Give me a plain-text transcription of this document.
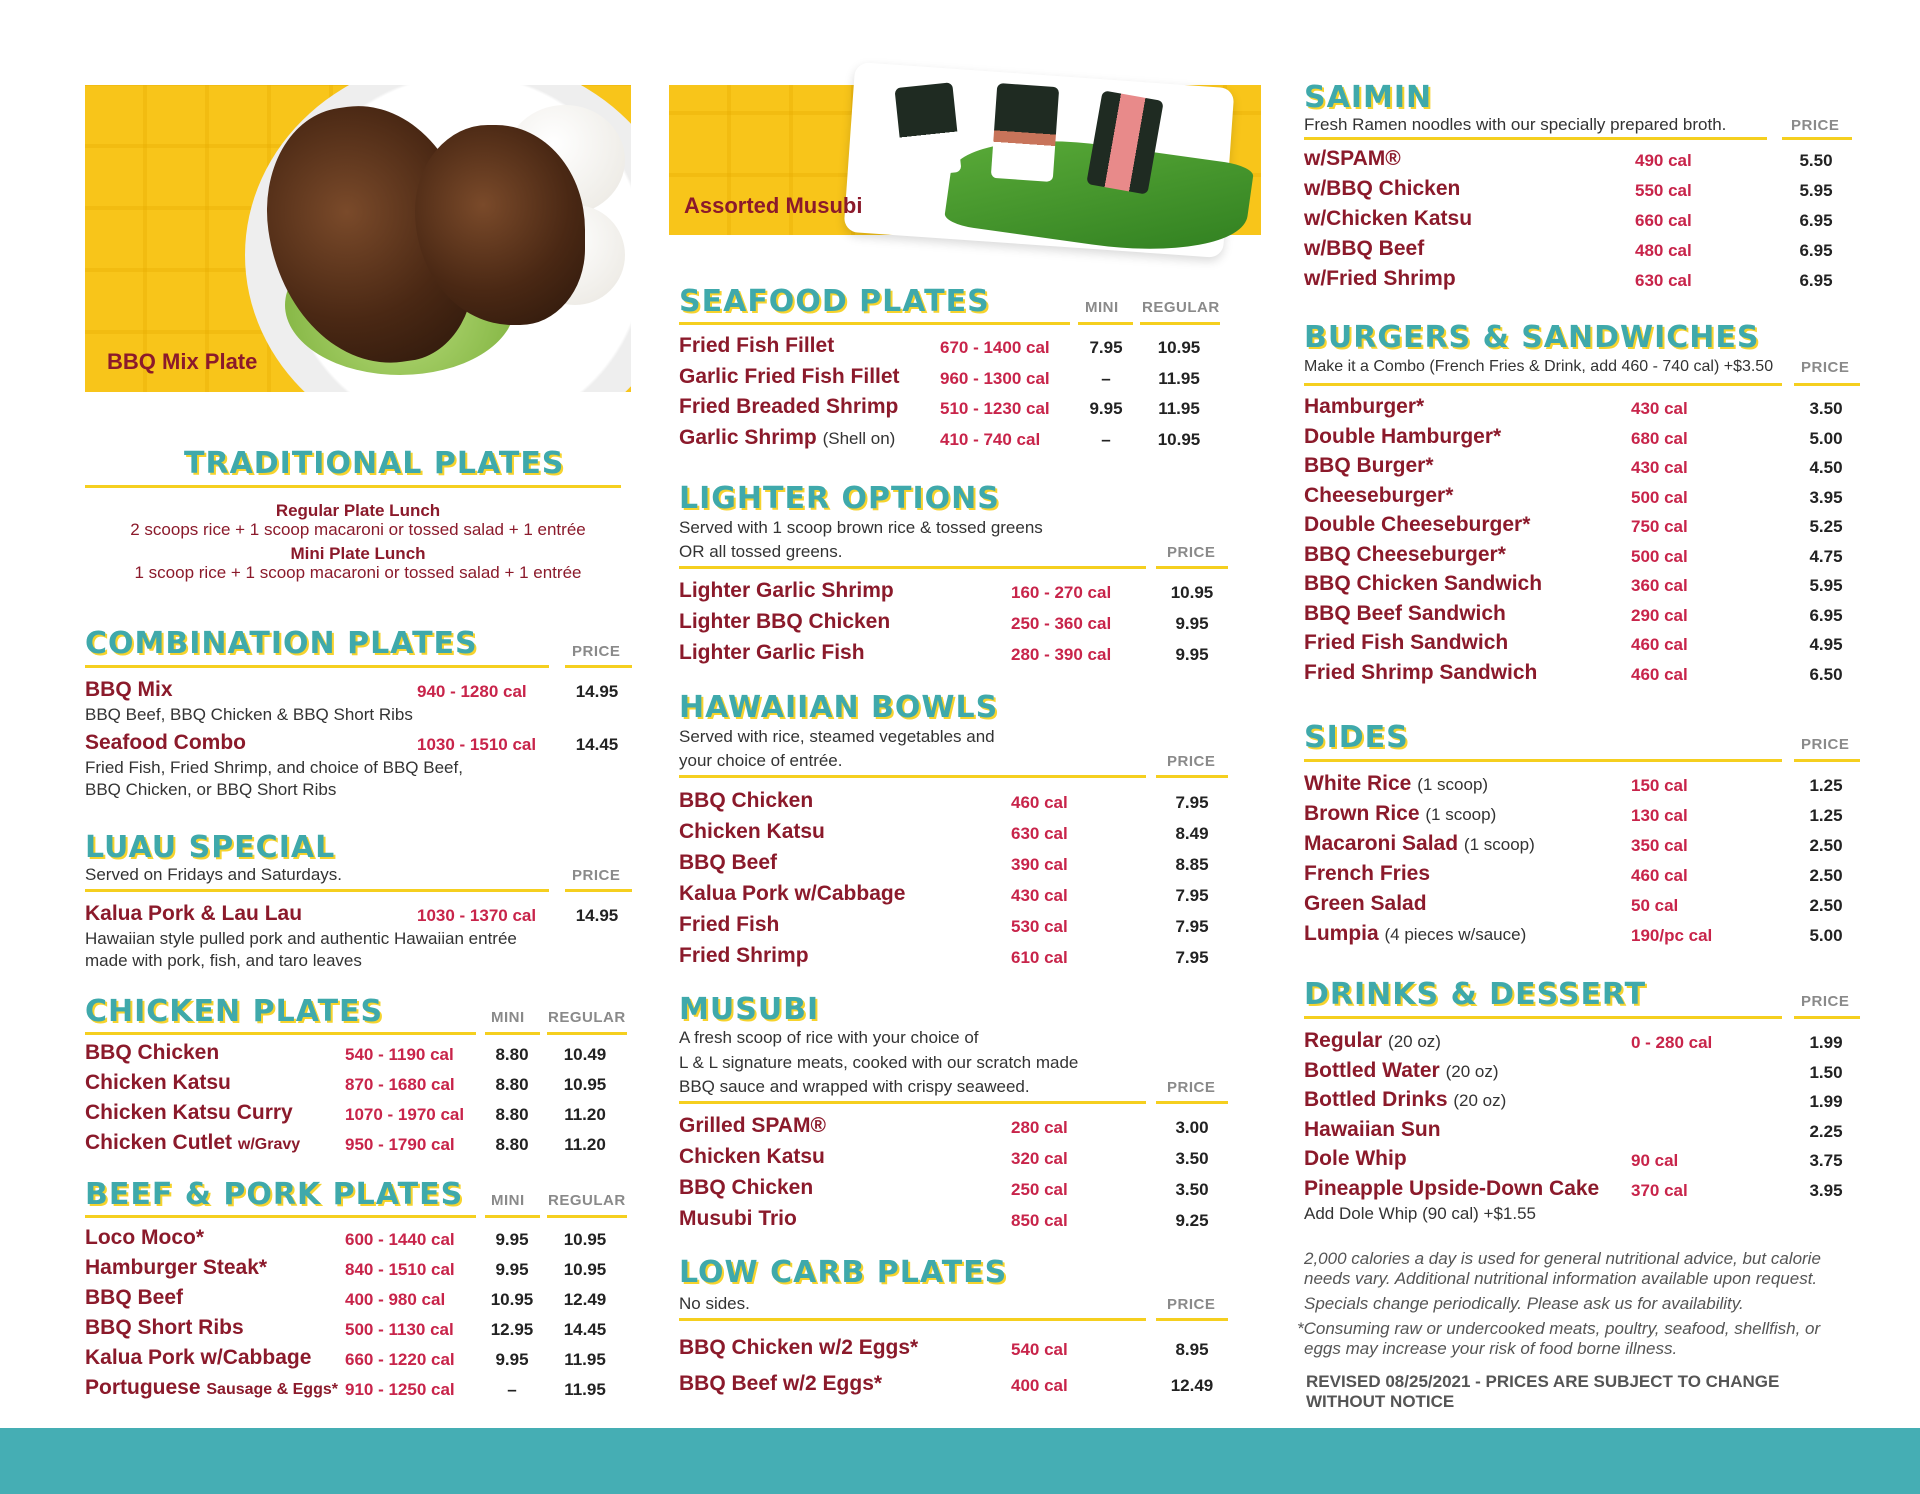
BBQ Mix Plate
TRADITIONAL PLATES
Regular Plate Lunch
2 scoops rice + 1 scoop macaroni or tossed salad + 1 entrée
Mini Plate Lunch
1 scoop rice + 1 scoop macaroni or tossed salad + 1 entrée
COMBINATION PLATES	PRICE
BBQ Mix	940 - 1280 cal	14.95
BBQ Beef, BBQ Chicken & BBQ Short Ribs
Seafood Combo	1030 - 1510 cal	14.45
Fried Fish, Fried Shrimp, and choice of BBQ Beef,
BBQ Chicken, or BBQ Short Ribs
LUAU SPECIAL
Served on Fridays and Saturdays.	PRICE
Kalua Pork & Lau Lau	1030 - 1370 cal	14.95
Hawaiian style pulled pork and authentic Hawaiian entrée
made with pork, fish, and taro leaves
CHICKEN PLATES	MINI REGULAR
BBQ Chicken	540 - 1190 cal	8.80	10.49
Chicken Katsu	870 - 1680 cal	8.80	10.95
Chicken Katsu Curry	1070 - 1970 cal	8.80	11.20
Chicken Cutlet w/Gravy	950 - 1790 cal	8.80	11.20
BEEF & PORK PLATES MINI REGULAR
Loco Moco*	600 - 1440 cal	9.95	10.95
Hamburger Steak*	840 - 1510 cal	9.95	10.95
BBQ Beef	400 - 980 cal	10.95	12.49
BBQ Short Ribs	500 - 1130 cal	12.95	14.45
Kalua Pork w/Cabbage 660 - 1220 cal	9.95	11.95
Portuguese Sausage & Eggs* 910 - 1250 cal	–	11.95
Assorted Musubi
SEAFOOD PLATES	MINI REGULAR
Fried Fish Fillet	670 - 1400 cal	7.95	10.95
Garlic Fried Fish Fillet 960 - 1300 cal	–	11.95
Fried Breaded Shrimp 510 - 1230 cal	9.95	11.95
Garlic Shrimp (Shell on)	410 - 740 cal	–	10.95
LIGHTER OPTIONS
Served with 1 scoop brown rice & tossed greens
OR all tossed greens.	PRICE
Lighter Garlic Shrimp	160 - 270 cal	10.95
Lighter BBQ Chicken	250 - 360 cal	9.95
Lighter Garlic Fish	280 - 390 cal	9.95
HAWAIIAN BOWLS
Served with rice, steamed vegetables and
your choice of entrée.	PRICE
BBQ Chicken	460 cal	7.95
Chicken Katsu	630 cal	8.49
BBQ Beef	390 cal	8.85
Kalua Pork w/Cabbage	430 cal	7.95
Fried Fish	530 cal	7.95
Fried Shrimp	610 cal	7.95
MUSUBI
A fresh scoop of rice with your choice of
L & L signature meats, cooked with our scratch made
BBQ sauce and wrapped with crispy seaweed.	PRICE
Grilled SPAM®	280 cal	3.00
Chicken Katsu	320 cal	3.50
BBQ Chicken	250 cal	3.50
Musubi Trio	850 cal	9.25
LOW CARB PLATES
No sides.	PRICE
BBQ Chicken w/2 Eggs*	540 cal	8.95
BBQ Beef w/2 Eggs*	400 cal	12.49
SAIMIN
Fresh Ramen noodles with our specially prepared broth.	PRICE
w/SPAM®	490 cal	5.50
w/BBQ Chicken	550 cal	5.95
w/Chicken Katsu	660 cal	6.95
w/BBQ Beef	480 cal	6.95
w/Fried Shrimp	630 cal	6.95
BURGERS & SANDWICHES
Make it a Combo (French Fries & Drink, add 460 - 740 cal) +$3.50 PRICE
Hamburger*	430 cal	3.50
Double Hamburger*	680 cal	5.00
BBQ Burger*	430 cal	4.50
Cheeseburger*	500 cal	3.95
Double Cheeseburger*	750 cal	5.25
BBQ Cheeseburger*	500 cal	4.75
BBQ Chicken Sandwich	360 cal	5.95
BBQ Beef Sandwich	290 cal	6.95
Fried Fish Sandwich	460 cal	4.95
Fried Shrimp Sandwich	460 cal	6.50
SIDES	PRICE
White Rice (1 scoop)	150 cal	1.25
Brown Rice (1 scoop)	130 cal	1.25
Macaroni Salad (1 scoop)	350 cal	2.50
French Fries	460 cal	2.50
Green Salad	50 cal	2.50
Lumpia (4 pieces w/sauce)	190/pc cal	5.00
DRINKS & DESSERT	PRICE
Regular (20 oz)	0 - 280 cal	1.99
Bottled Water (20 oz)	1.50
Bottled Drinks (20 oz)	1.99
Hawaiian Sun	2.25
Dole Whip	90 cal	3.75
Pineapple Upside-Down Cake 370 cal	3.95
Add Dole Whip (90 cal) +$1.55
2,000 calories a day is used for general nutritional advice, but calorie
needs vary. Additional nutritional information available upon request.
Specials change periodically. Please ask us for availability.
*Consuming raw or undercooked meats, poultry, seafood, shellfish, or
eggs may increase your risk of food borne illness.
REVISED 08/25/2021 - PRICES ARE SUBJECT TO CHANGE
WITHOUT NOTICE
